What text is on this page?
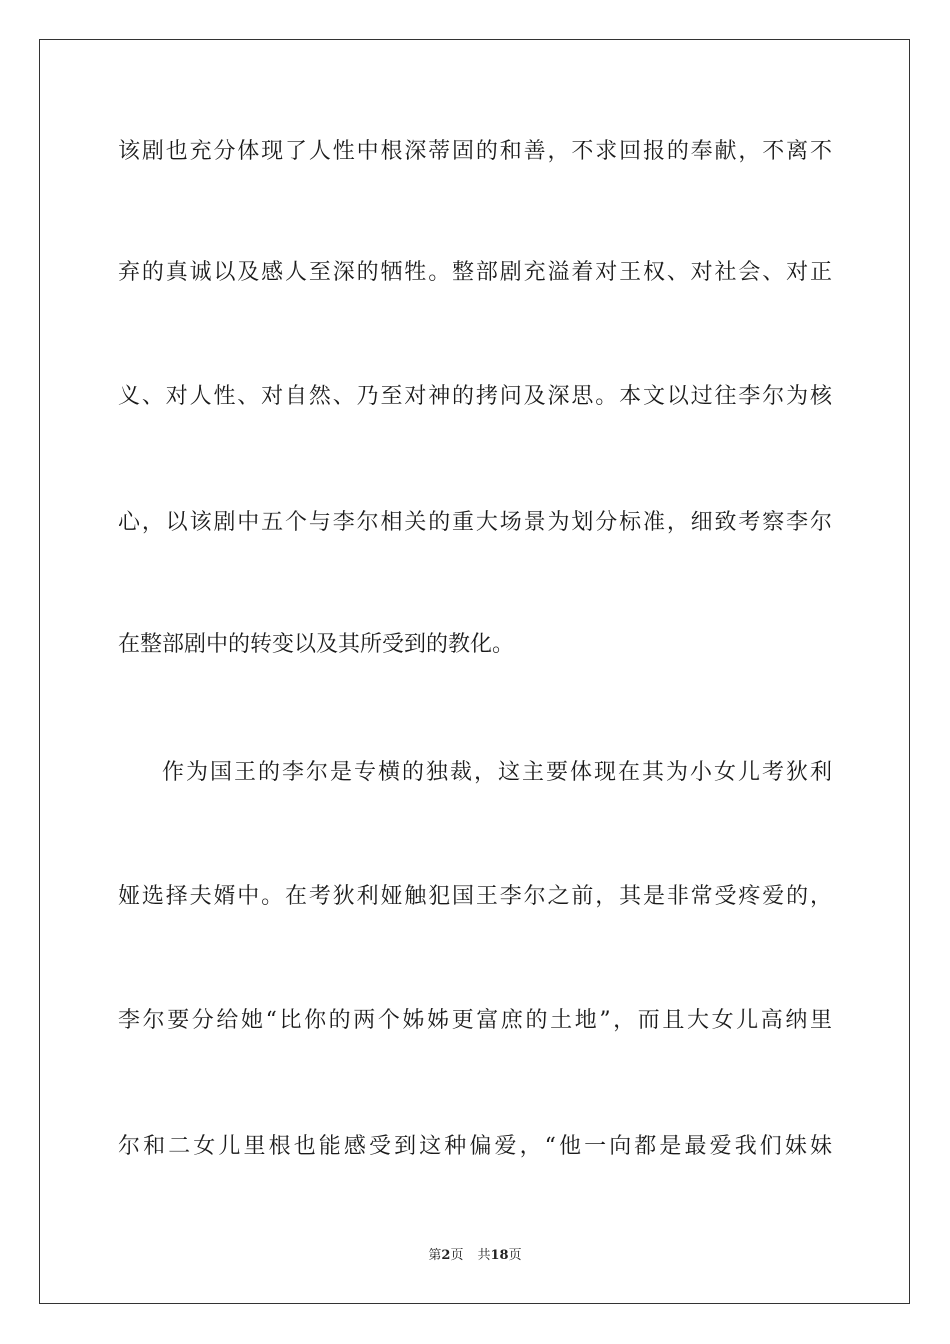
该剧也充分体现了人性中根深蒂固的和善，不求回报的奉献，不离不
弃的真诚以及感人至深的牺牲。整部剧充溢着对王权、对社会、对正
义、对人性、对自然、乃至对神的拷问及深思。本文以过往李尔为核
心，以该剧中五个与李尔相关的重大场景为划分标准，细致考察李尔
在整部剧中的转变以及其所受到的教化。
作为国王的李尔是专横的独裁，这主要体现在其为小女儿考狄利
娅选择夫婿中。在考狄利娅触犯国王李尔之前，其是非常受疼爱的，
李尔要分给她“比你的两个姊姊更富庶的土地”，而且大女儿高纳里
尔和二女儿里根也能感受到这种偏爱，“他一向都是最爱我们妹妹
第2页 共18页
